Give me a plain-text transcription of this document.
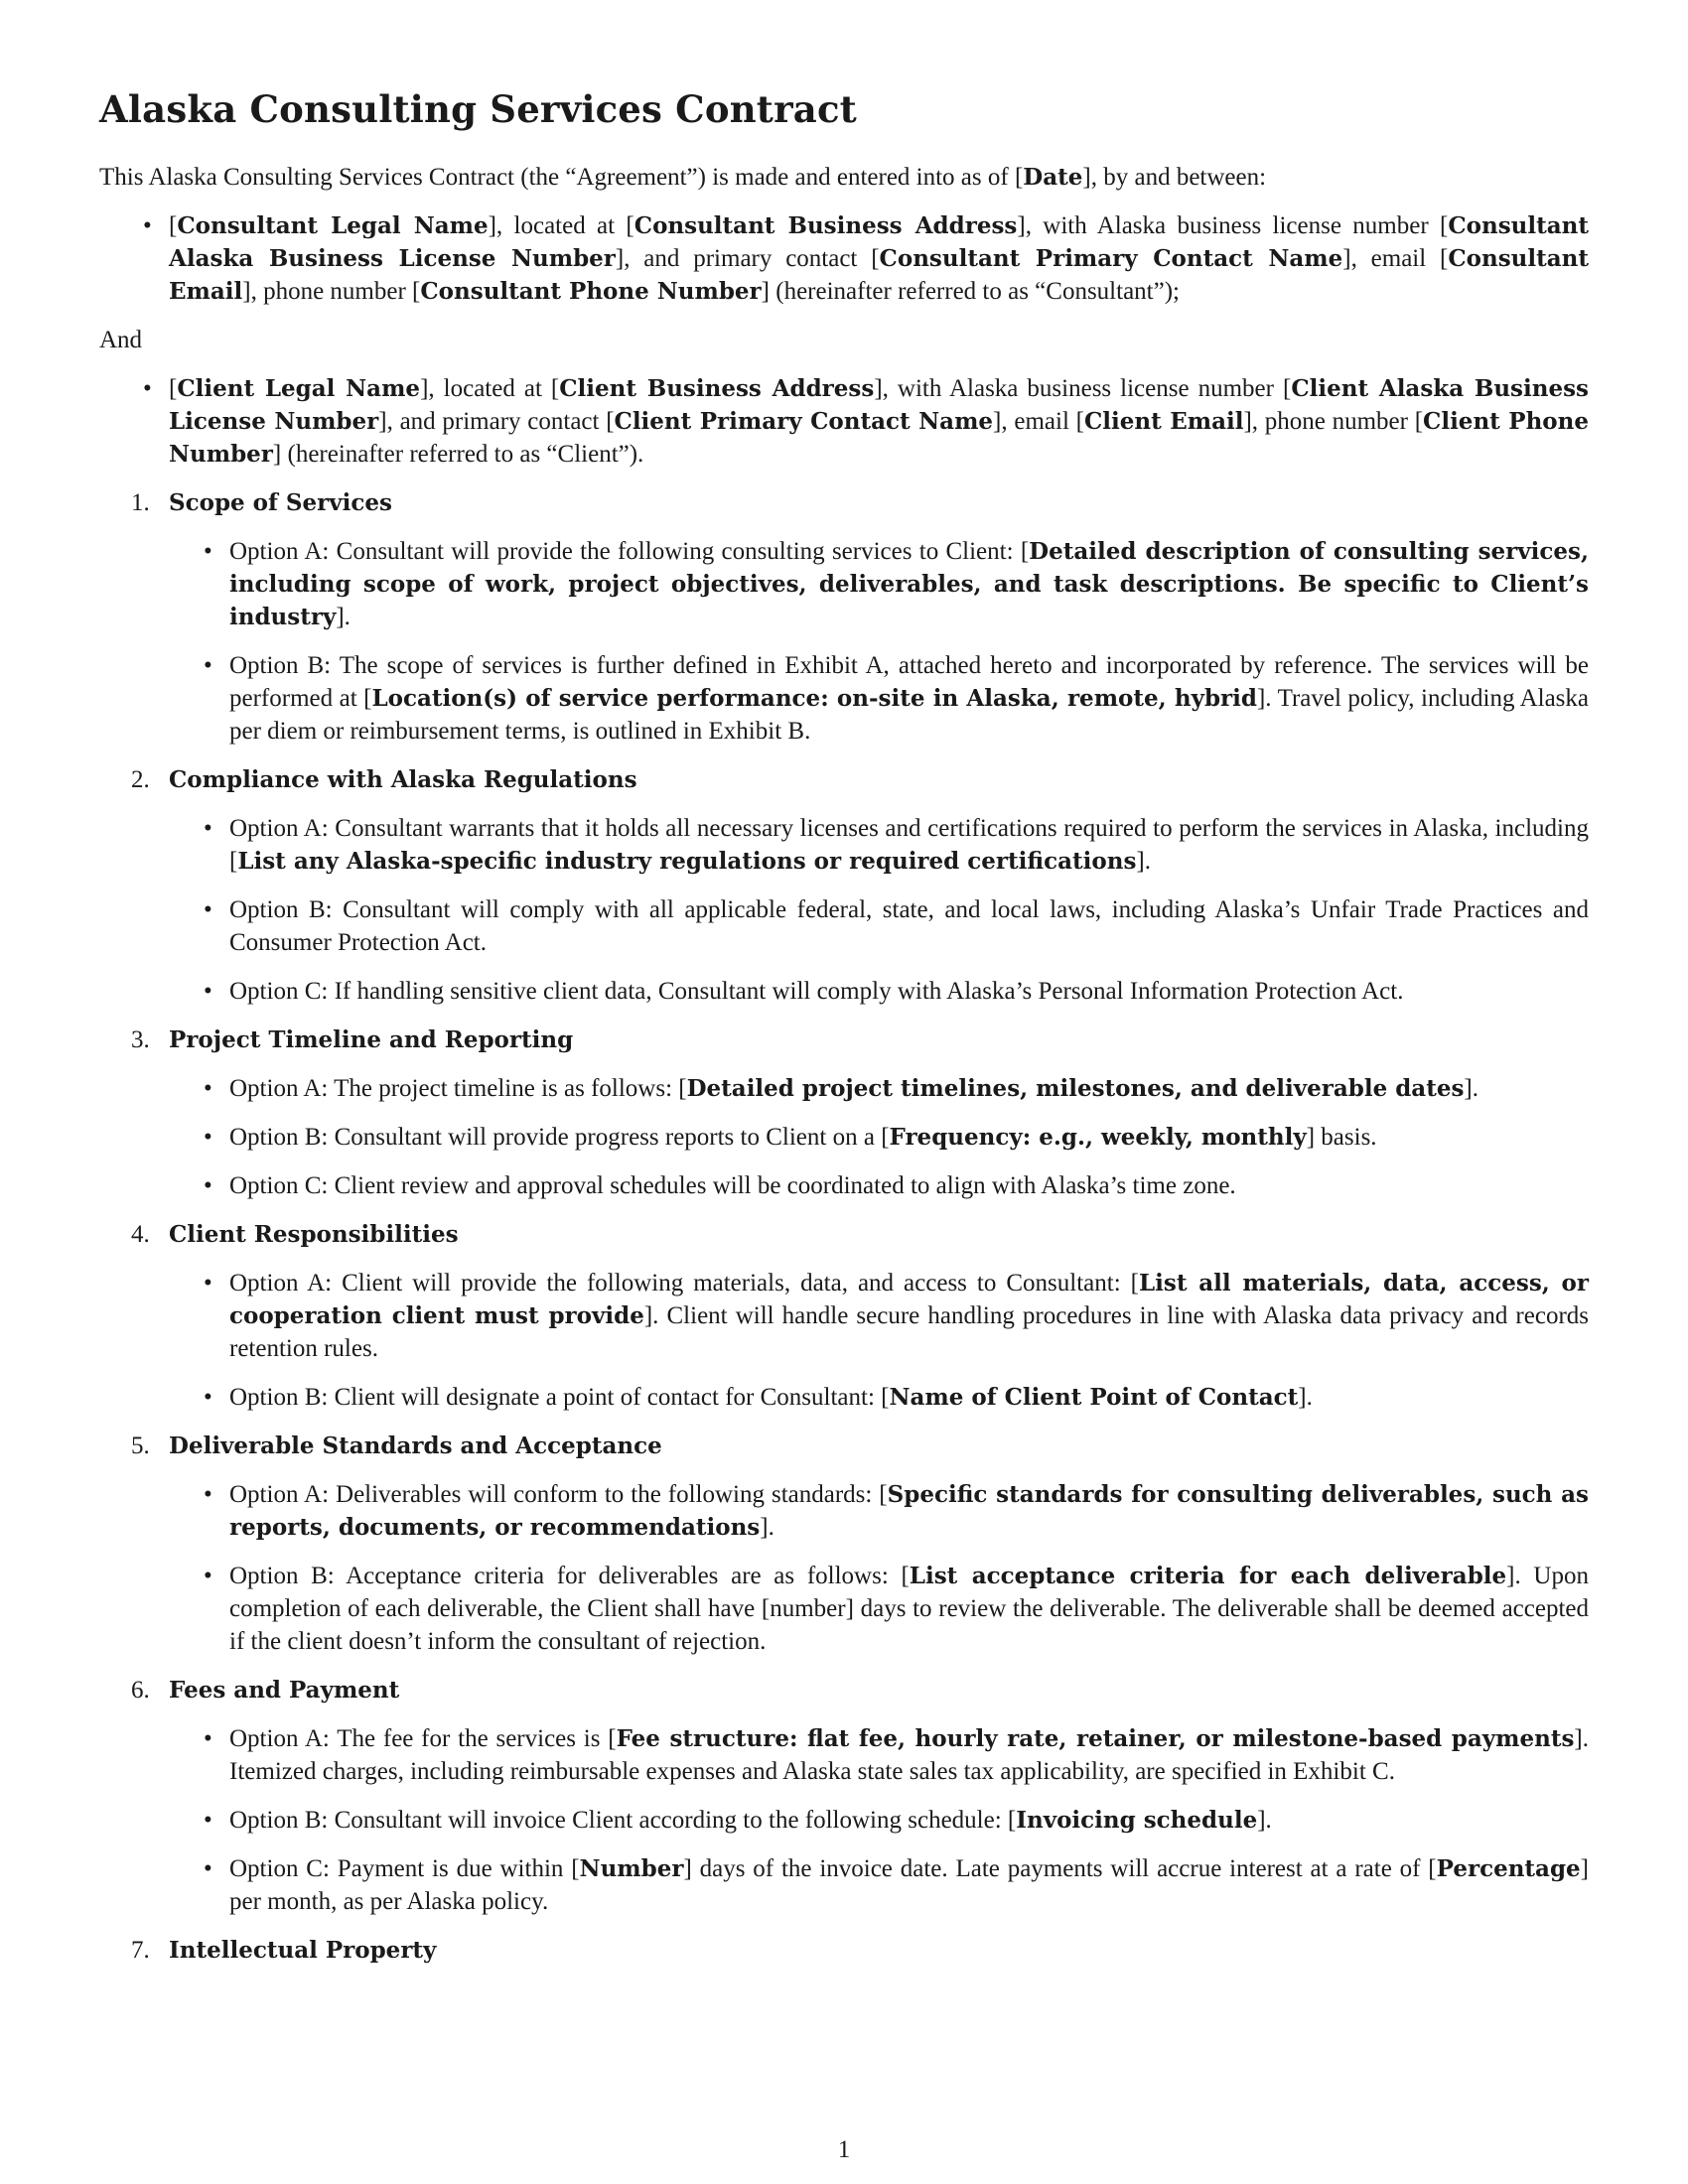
Alaska Consulting Services Contract

This Alaska Consulting Services Contract (the “Agreement”) is made and entered into as of [Date], by and between:

• [Consultant Legal Name], located at [Consultant Business Address], with Alaska business license number [Consultant Alaska Business License Number], and primary contact [Consultant Primary Contact Name], email [Consultant Email], phone number [Consultant Phone Number] (hereinafter referred to as “Consultant”);

And

• [Client Legal Name], located at [Client Business Address], with Alaska business license number [Client Alaska Business License Number], and primary contact [Client Primary Contact Name], email [Client Email], phone number [Client Phone Number] (hereinafter referred to as “Client”).
1. Scope of Services
• Option A: Consultant will provide the following consulting services to Client: [Detailed description of consulting services, including scope of work, project objectives, deliverables, and task descriptions. Be specific to Client’s industry].
• Option B: The scope of services is further defined in Exhibit A, attached hereto and incorporated by reference. The services will be performed at [Location(s) of service performance: on-site in Alaska, remote, hybrid]. Travel policy, including Alaska per diem or reimbursement terms, is outlined in Exhibit B.
2. Compliance with Alaska Regulations
• Option A: Consultant warrants that it holds all necessary licenses and certifications required to perform the services in Alaska, including [List any Alaska-specific industry regulations or required certifications].
• Option B: Consultant will comply with all applicable federal, state, and local laws, including Alaska’s Unfair Trade Practices and Consumer Protection Act.
• Option C: If handling sensitive client data, Consultant will comply with Alaska’s Personal Information Protection Act.
3. Project Timeline and Reporting
• Option A: The project timeline is as follows: [Detailed project timelines, milestones, and deliverable dates].
• Option B: Consultant will provide progress reports to Client on a [Frequency: e.g., weekly, monthly] basis.
• Option C: Client review and approval schedules will be coordinated to align with Alaska’s time zone.
4. Client Responsibilities
• Option A: Client will provide the following materials, data, and access to Consultant: [List all materials, data, access, or cooperation client must provide]. Client will handle secure handling procedures in line with Alaska data privacy and records retention rules.
• Option B: Client will designate a point of contact for Consultant: [Name of Client Point of Contact].
5. Deliverable Standards and Acceptance
• Option A: Deliverables will conform to the following standards: [Specific standards for consulting deliverables, such as reports, documents, or recommendations].
• Option B: Acceptance criteria for deliverables are as follows: [List acceptance criteria for each deliverable]. Upon completion of each deliverable, the Client shall have [number] days to review the deliverable. The deliverable shall be deemed accepted if the client doesn’t inform the consultant of rejection.
6. Fees and Payment
• Option A: The fee for the services is [Fee structure: flat fee, hourly rate, retainer, or milestone-based payments]. Itemized charges, including reimbursable expenses and Alaska state sales tax applicability, are specified in Exhibit C.
• Option B: Consultant will invoice Client according to the following schedule: [Invoicing schedule].
• Option C: Payment is due within [Number] days of the invoice date. Late payments will accrue interest at a rate of [Percentage] per month, as per Alaska policy.
7. Intellectual Property
1
